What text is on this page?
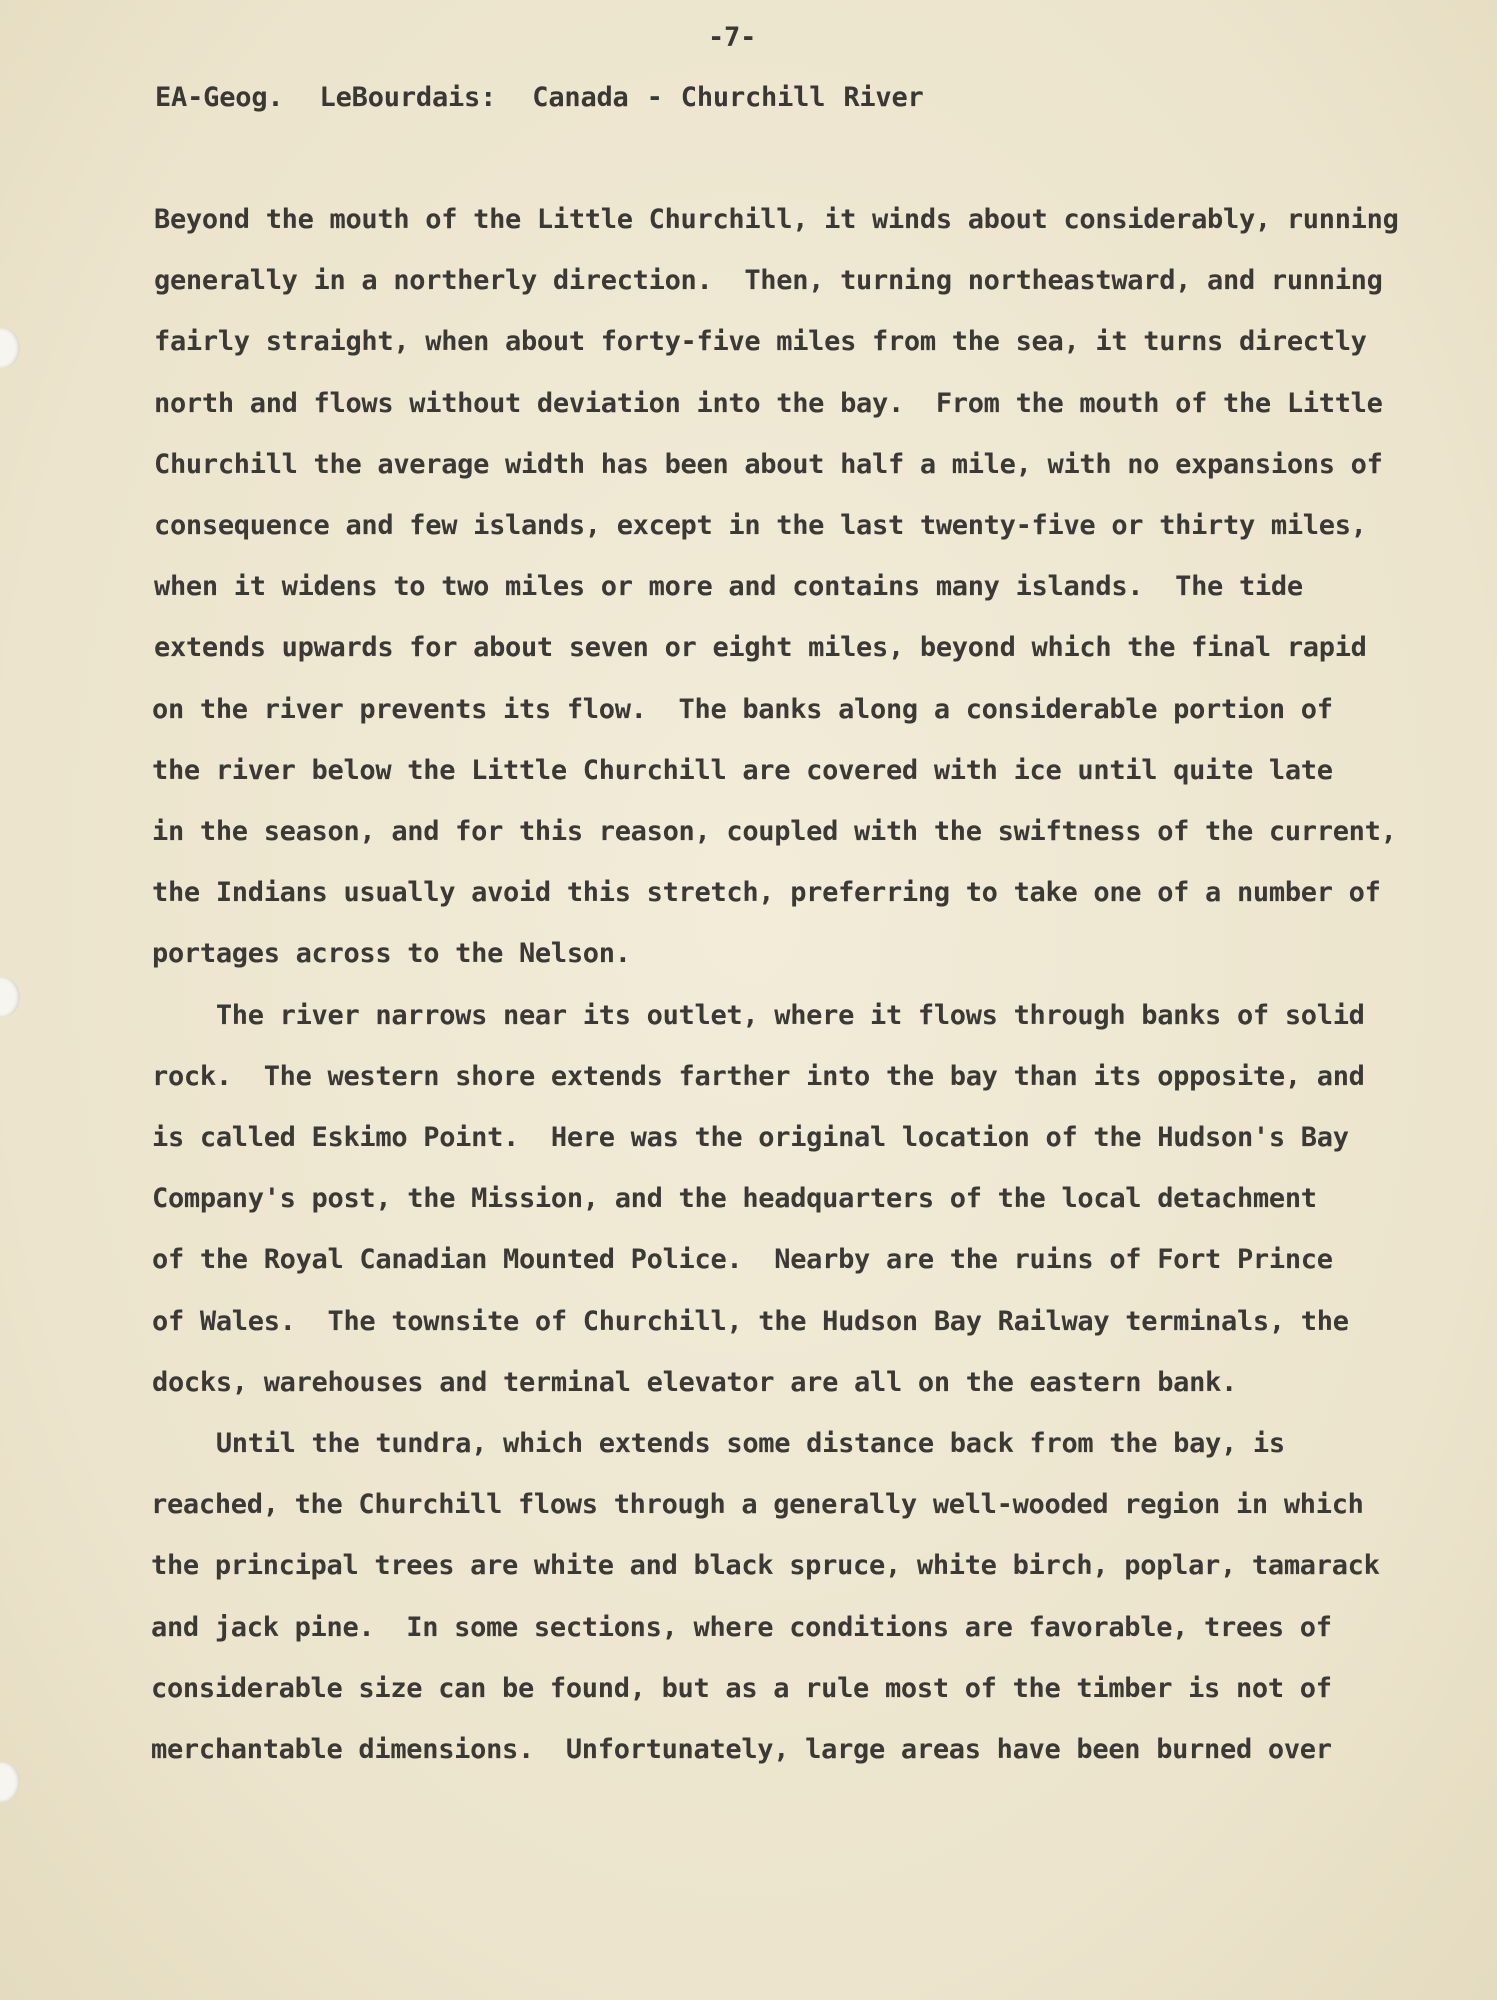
-7-
EA-Geog.  LeBourdais:  Canada - Churchill River
Beyond the mouth of the Little Churchill, it winds about considerably, running
generally in a northerly direction.  Then, turning northeastward, and running
fairly straight, when about forty-five miles from the sea, it turns directly
north and flows without deviation into the bay.  From the mouth of the Little
Churchill the average width has been about half a mile, with no expansions of
consequence and few islands, except in the last twenty-five or thirty miles,
when it widens to two miles or more and contains many islands.  The tide
extends upwards for about seven or eight miles, beyond which the final rapid
on the river prevents its flow.  The banks along a considerable portion of
the river below the Little Churchill are covered with ice until quite late
in the season, and for this reason, coupled with the swiftness of the current,
the Indians usually avoid this stretch, preferring to take one of a number of
portages across to the Nelson.
The river narrows near its outlet, where it flows through banks of solid
rock.  The western shore extends farther into the bay than its opposite, and
is called Eskimo Point.  Here was the original location of the Hudson's Bay
Company's post, the Mission, and the headquarters of the local detachment
of the Royal Canadian Mounted Police.  Nearby are the ruins of Fort Prince
of Wales.  The townsite of Churchill, the Hudson Bay Railway terminals, the
docks, warehouses and terminal elevator are all on the eastern bank.
Until the tundra, which extends some distance back from the bay, is
reached, the Churchill flows through a generally well-wooded region in which
the principal trees are white and black spruce, white birch, poplar, tamarack
and jack pine.  In some sections, where conditions are favorable, trees of
considerable size can be found, but as a rule most of the timber is not of
merchantable dimensions.  Unfortunately, large areas have been burned over
